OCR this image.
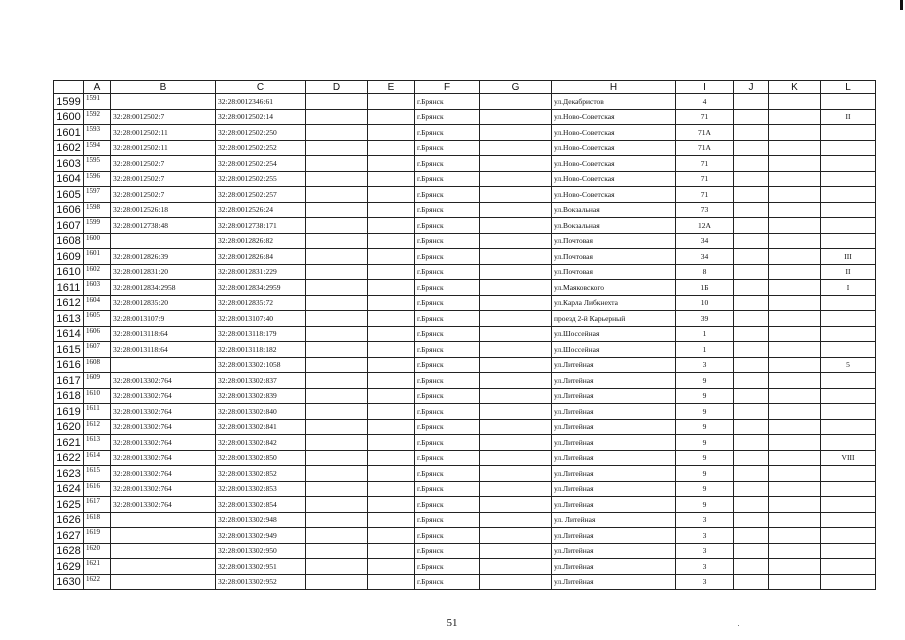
	A	B	C	D	E	F	G	H	I	J	K	L
1599	1591		32:28:0012346:61			г.Брянск		ул.Декабристов	4			
1600	1592	32:28:0012502:7	32:28:0012502:14			г.Брянск		ул.Ново-Советская	71			II
1601	1593	32:28:0012502:11	32:28:0012502:250			г.Брянск		ул.Ново-Советская	71А			
1602	1594	32:28:0012502:11	32:28:0012502:252			г.Брянск		ул.Ново-Советская	71А			
1603	1595	32:28:0012502:7	32:28:0012502:254			г.Брянск		ул.Ново-Советская	71			
1604	1596	32:28:0012502:7	32:28:0012502:255			г.Брянск		ул.Ново-Советская	71			
1605	1597	32:28:0012502:7	32:28:0012502:257			г.Брянск		ул.Ново-Советская	71			
1606	1598	32:28:0012526:18	32:28:0012526:24			г.Брянск		ул.Вокзальная	73			
1607	1599	32:28:0012738:48	32:28:0012738:171			г.Брянск		ул.Вокзальная	12А			
1608	1600		32:28:0012826:82			г.Брянск		ул.Почтовая	34			
1609	1601	32:28:0012826:39	32:28:0012826:84			г.Брянск		ул.Почтовая	34			III
1610	1602	32:28:0012831:20	32:28:0012831:229			г.Брянск		ул.Почтовая	8			II
1611	1603	32:28:0012834:2958	32:28:0012834:2959			г.Брянск		ул.Маяковского	1Б			I
1612	1604	32:28:0012835:20	32:28:0012835:72			г.Брянск		ул.Карла Либкнехта	10			
1613	1605	32:28:0013107:9	32:28:0013107:40			г.Брянск		проезд 2-й Карьерный	39			
1614	1606	32:28:0013118:64	32:28:0013118:179			г.Брянск		ул.Шоссейная	1			
1615	1607	32:28:0013118:64	32:28:0013118:182			г.Брянск		ул.Шоссейная	1			
1616	1608		32:28:0013302:1058			г.Брянск		ул.Литейная	3			5
1617	1609	32:28:0013302:764	32:28:0013302:837			г.Брянск		ул.Литейная	9			
1618	1610	32:28:0013302:764	32:28:0013302:839			г.Брянск		ул.Литейная	9			
1619	1611	32:28:0013302:764	32:28:0013302:840			г.Брянск		ул.Литейная	9			
1620	1612	32:28:0013302:764	32:28:0013302:841			г.Брянск		ул.Литейная	9			
1621	1613	32:28:0013302:764	32:28:0013302:842			г.Брянск		ул.Литейная	9			
1622	1614	32:28:0013302:764	32:28:0013302:850			г.Брянск		ул.Литейная	9			VIII
1623	1615	32:28:0013302:764	32:28:0013302:852			г.Брянск		ул.Литейная	9			
1624	1616	32:28:0013302:764	32:28:0013302:853			г.Брянск		ул.Литейная	9			
1625	1617	32:28:0013302:764	32:28:0013302:854			г.Брянск		ул.Литейная	9			
1626	1618		32:28:0013302:948			г.Брянск		ул. Литейная	3			
1627	1619		32:28:0013302:949			г.Брянск		ул.Литейная	3			
1628	1620		32:28:0013302:950			г.Брянск		ул.Литейная	3			
1629	1621		32:28:0013302:951			г.Брянск		ул.Литейная	3			
1630	1622		32:28:0013302:952			г.Брянск		ул.Литейная	3			
51
